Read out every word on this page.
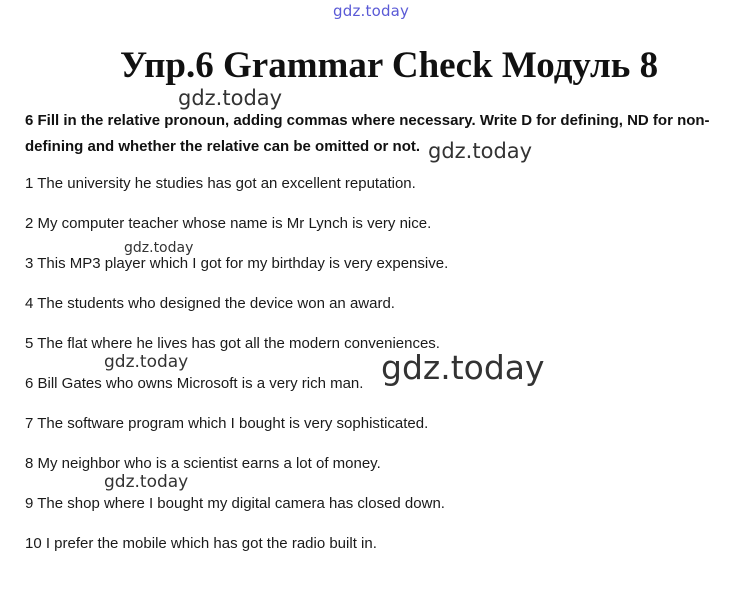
gdz.today
Упр.6 Grammar Check Модуль 8

6 Fill in the relative pronoun, adding commas where necessary. Write D for defining, ND for non-defining and whether the relative can be omitted or not.

1 The university he studies has got an excellent reputation.
2 My computer teacher whose name is Mr Lynch is very nice.
3 This MP3 player which I got for my birthday is very expensive.
4 The students who designed the device won an award.
5 The flat where he lives has got all the modern conveniences.
6 Bill Gates who owns Microsoft is a very rich man.
7 The software program which I bought is very sophisticated.
8 My neighbor who is a scientist earns a lot of money.
9 The shop where I bought my digital camera has closed down.
10 I prefer the mobile which has got the radio built in.
gdz.today
gdz.today
gdz.today
gdz.today	gdz.today
gdz.today
